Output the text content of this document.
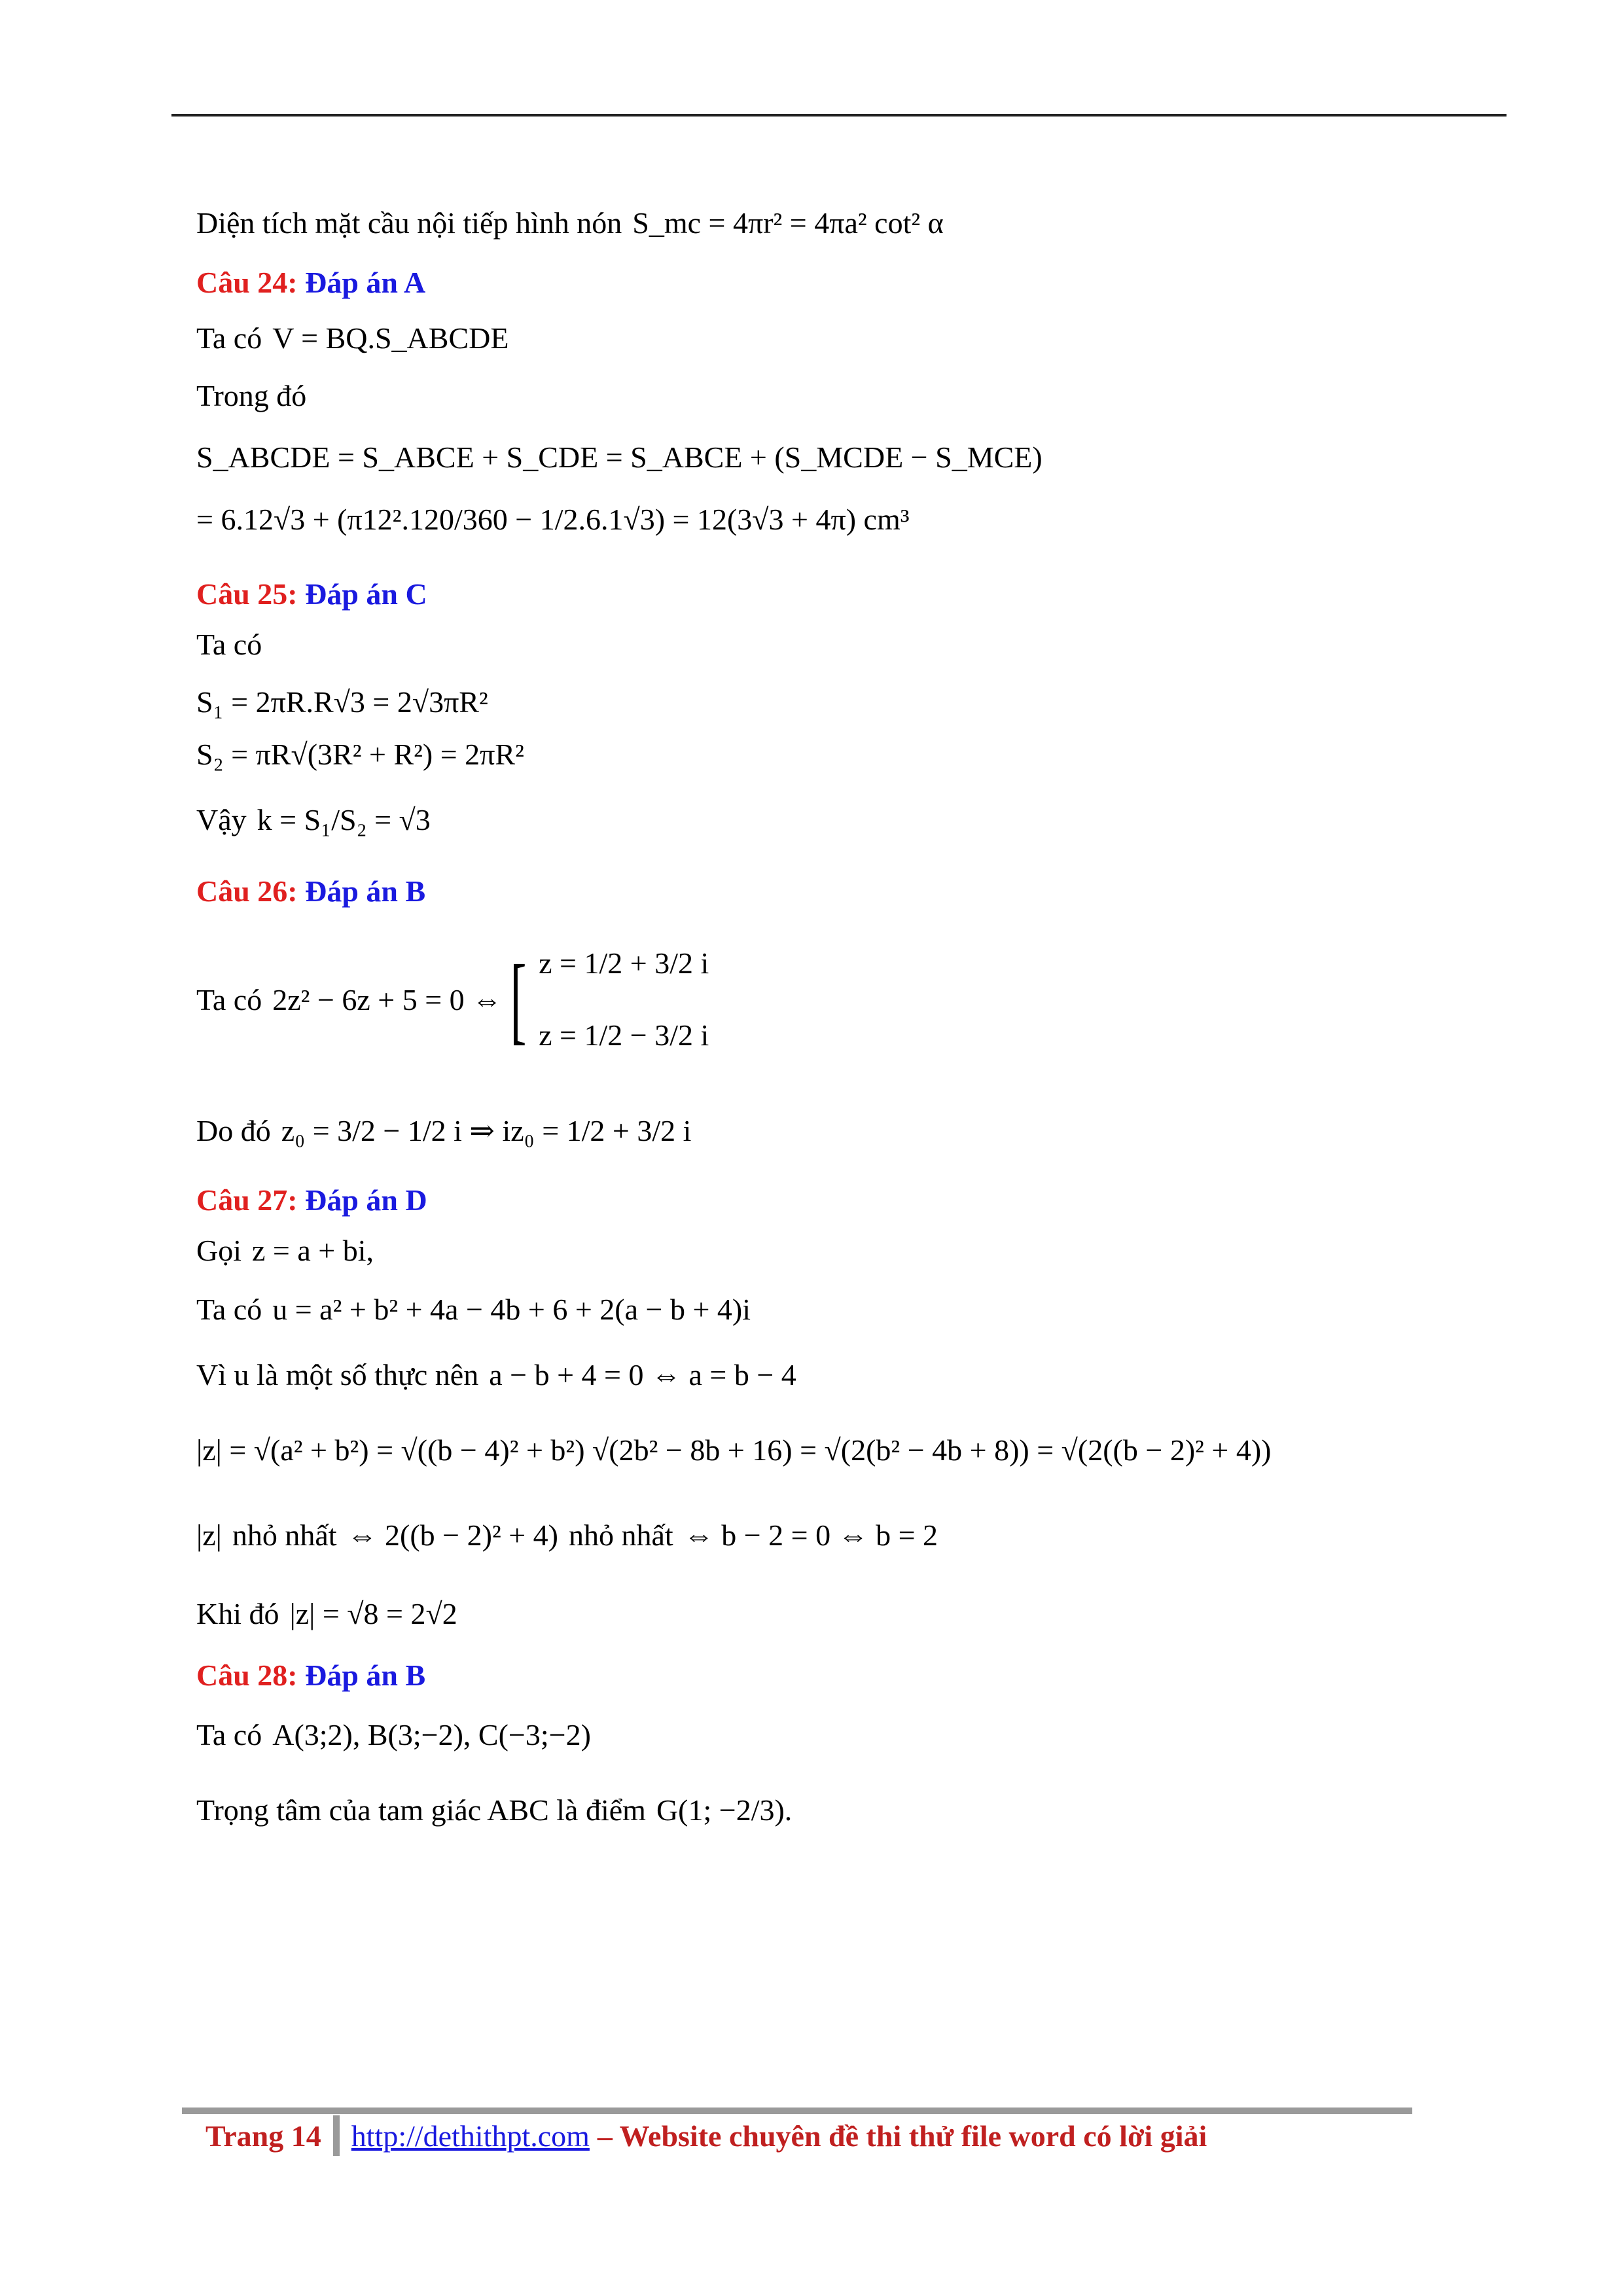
Diện tích mặt cầu nội tiếp hình nón S_mc = 4πr² = 4πa² cot² α

Câu 24: Đáp án A

Ta có V = BQ.S_ABCDE
Trong đó
S_ABCDE = S_ABCE + S_CDE = S_ABCE + (S_MCDE − S_MCE)
= 6.12√3 + (π12².120/360 − 1/2.6.1√3) = 12(3√3 + 4π) cm³

Câu 25: Đáp án C

Ta có
S₁ = 2πR.R√3 = 2√3πR²
S₂ = πR√(3R² + R²) = 2πR²
Vậy k = S₁/S₂ = √3

Câu 26: Đáp án B

Ta có 2z² − 6z + 5 = 0 ⇔ [ z = 1/2 + 3/2 i
z = 1/2 − 3/2 i
Do đó z₀ = 3/2 − 1/2 i ⇒ iz₀ = 1/2 + 3/2 i

Câu 27: Đáp án D

Gọi z = a + bi,
Ta có u = a² + b² + 4a − 4b + 6 + 2(a − b + 4)i
Vì u là một số thực nên a − b + 4 = 0 ⇔ a = b − 4
|z| = √(a² + b²) = √((b − 4)² + b²) √(2b² − 8b + 16) = √(2(b² − 4b + 8)) = √(2((b − 2)² + 4))
|z| nhỏ nhất ⇔ 2((b − 2)² + 4) nhỏ nhất ⇔ b − 2 = 0 ⇔ b = 2
Khi đó |z| = √8 = 2√2

Câu 28: Đáp án B

Ta có A(3;2), B(3;−2), C(−3;−2)
Trọng tâm của tam giác ABC là điểm G(1; −2/3).
Trang 14 http://dethithpt.com – Website chuyên đề thi thử file word có lời giải
